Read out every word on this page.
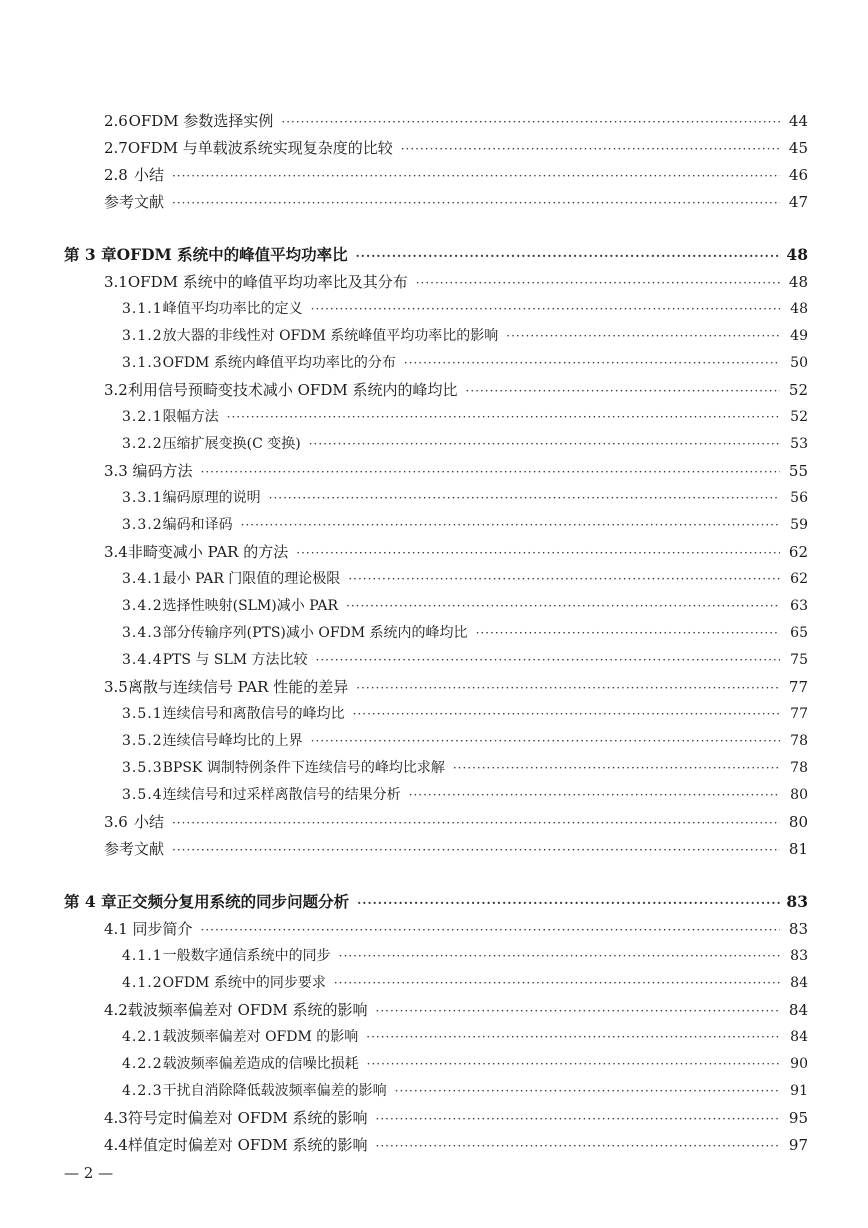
2.6 OFDM 参数选择实例 ·····	44
2.7 OFDM 与单载波系统实现复杂度的比较 ·····	45
2.8 小结 ·····	46
参考文献 ·····	47
第 3 章 OFDM 系统中的峰值平均功率比 ·····	48
3.1 OFDM 系统中的峰值平均功率比及其分布 ·····	48
3.1.1 峰值平均功率比的定义 ·····	48
3.1.2 放大器的非线性对 OFDM 系统峰值平均功率比的影响 ·····	49
3.1.3 OFDM 系统内峰值平均功率比的分布 ·····	50
3.2 利用信号预畸变技术减小 OFDM 系统内的峰均比 ·····	52
3.2.1 限幅方法 ·····	52
3.2.2 压缩扩展变换(C 变换) ·····	53
3.3 编码方法 ·····	55
3.3.1 编码原理的说明 ·····	56
3.3.2 编码和译码 ·····	59
3.4 非畸变减小 PAR 的方法 ·····	62
3.4.1 最小 PAR 门限值的理论极限 ·····	62
3.4.2 选择性映射(SLM)减小 PAR ·····	63
3.4.3 部分传输序列(PTS)减小 OFDM 系统内的峰均比 ·····	65
3.4.4 PTS 与 SLM 方法比较 ·····	75
3.5 离散与连续信号 PAR 性能的差异 ·····	77
3.5.1 连续信号和离散信号的峰均比 ·····	77
3.5.2 连续信号峰均比的上界 ·····	78
3.5.3 BPSK 调制特例条件下连续信号的峰均比求解 ·····	78
3.5.4 连续信号和过采样离散信号的结果分析 ·····	80
3.6 小结 ·····	80
参考文献 ·····	81
第 4 章 正交频分复用系统的同步问题分析 ·····	83
4.1 同步简介 ·····	83
4.1.1 一般数字通信系统中的同步 ·····	83
4.1.2 OFDM 系统中的同步要求 ·····	84
4.2 载波频率偏差对 OFDM 系统的影响 ·····	84
4.2.1 载波频率偏差对 OFDM 的影响 ·····	84
4.2.2 载波频率偏差造成的信噪比损耗 ·····	90
4.2.3 干扰自消除降低载波频率偏差的影响 ·····	91
4.3 符号定时偏差对 OFDM 系统的影响 ·····	95
4.4 样值定时偏差对 OFDM 系统的影响 ·····	97
— 2 —
